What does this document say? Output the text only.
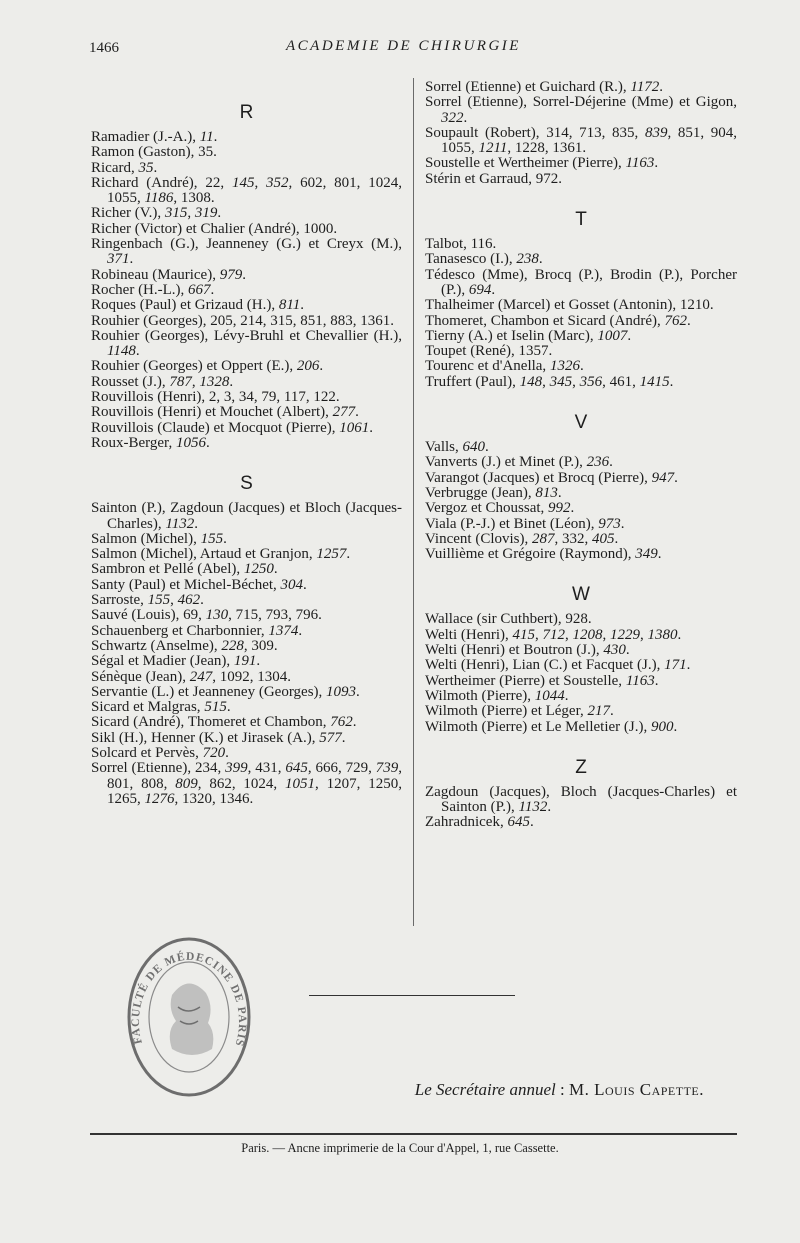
1466	ACADEMIE DE CHIRURGIE
R
Ramadier (J.-A.), 11.
Ramon (Gaston), 35.
Ricard, 35.
Richard (André), 22, 145, 352, 602, 801, 1024, 1055, 1186, 1308.
Richer (V.), 315, 319.
Richer (Victor) et Chalier (André), 1000.
Ringenbach (G.), Jeanneney (G.) et Creyx (M.), 371.
Robineau (Maurice), 979.
Rocher (H.-L.), 667.
Roques (Paul) et Grizaud (H.), 811.
Rouhier (Georges), 205, 214, 315, 851, 883, 1361.
Rouhier (Georges), Lévy-Bruhl et Chevallier (H.), 1148.
Rouhier (Georges) et Oppert (E.), 206.
Rousset (J.), 787, 1328.
Rouvillois (Henri), 2, 3, 34, 79, 117, 122.
Rouvillois (Henri) et Mouchet (Albert), 277.
Rouvillois (Claude) et Mocquot (Pierre), 1061.
Roux-Berger, 1056.
S
Sainton (P.), Zagdoun (Jacques) et Bloch (Jacques-Charles), 1132.
Salmon (Michel), 155.
Salmon (Michel), Artaud et Granjon, 1257.
Sambron et Pellé (Abel), 1250.
Santy (Paul) et Michel-Béchet, 304.
Sarroste, 155, 462.
Sauvé (Louis), 69, 130, 715, 793, 796.
Schauenberg et Charbonnier, 1374.
Schwartz (Anselme), 228, 309.
Ségal et Madier (Jean), 191.
Sénèque (Jean), 247, 1092, 1304.
Servantie (L.) et Jeanneney (Georges), 1093.
Sicard et Malgras, 515.
Sicard (André), Thomeret et Chambon, 762.
Sikl (H.), Henner (K.) et Jirasek (A.), 577.
Solcard et Pervès, 720.
Sorrel (Etienne), 234, 399, 431, 645, 666, 729, 739, 801, 808, 809, 862, 1024, 1051, 1207, 1250, 1265, 1276, 1320, 1346.
Sorrel (Etienne) et Guichard (R.), 1172.
Sorrel (Etienne), Sorrel-Déjerine (Mme) et Gigon, 322.
Soupault (Robert), 314, 713, 835, 839, 851, 904, 1055, 1211, 1228, 1361.
Soustelle et Wertheimer (Pierre), 1163.
Stérin et Garraud, 972.
T
Talbot, 116.
Tanasesco (I.), 238.
Tédesco (Mme), Brocq (P.), Brodin (P.), Porcher (P.), 694.
Thalheimer (Marcel) et Gosset (Antonin), 1210.
Thomeret, Chambon et Sicard (André), 762.
Tierny (A.) et Iselin (Marc), 1007.
Toupet (René), 1357.
Tourenc et d'Anella, 1326.
Truffert (Paul), 148, 345, 356, 461, 1415.
V
Valls, 640.
Vanverts (J.) et Minet (P.), 236.
Varangot (Jacques) et Brocq (Pierre), 947.
Verbrugge (Jean), 813.
Vergoz et Choussat, 992.
Viala (P.-J.) et Binet (Léon), 973.
Vincent (Clovis), 287, 332, 405.
Vuillième et Grégoire (Raymond), 349.
W
Wallace (sir Cuthbert), 928.
Welti (Henri), 415, 712, 1208, 1229, 1380.
Welti (Henri) et Boutron (J.), 430.
Welti (Henri), Lian (C.) et Facquet (J.), 171.
Wertheimer (Pierre) et Soustelle, 1163.
Wilmoth (Pierre), 1044.
Wilmoth (Pierre) et Léger, 217.
Wilmoth (Pierre) et Le Melletier (J.), 900.
Z
Zagdoun (Jacques), Bloch (Jacques-Charles) et Sainton (P.), 1132.
Zahradnicek, 645.
FACULTÉ DE MÉDECINE DE PARIS
Le Secrétaire annuel : M. Louis Capette.
Paris. — Ancne imprimerie de la Cour d'Appel, 1, rue Cassette.
